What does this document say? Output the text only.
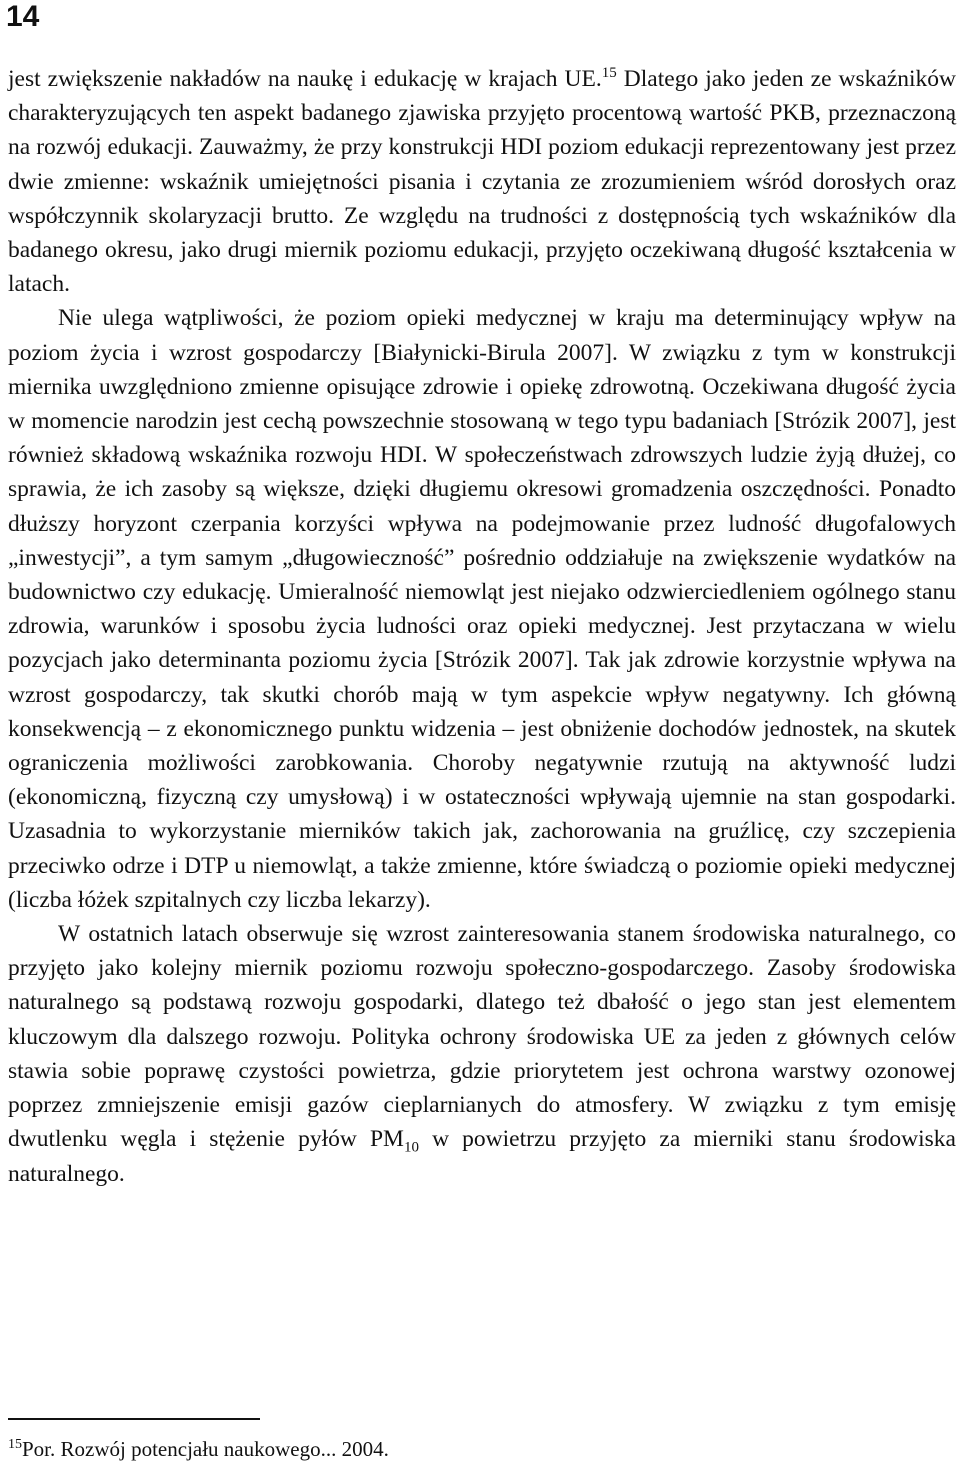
14

jest zwiększenie nakładów na naukę i edukację w krajach UE.$^{15}$ Dlatego jako jeden ze wskaźników charakteryzujących ten aspekt badanego zjawiska przyjęto procentową wartość PKB, przeznaczoną na rozwój edukacji. Zauważmy, że przy konstrukcji HDI poziom edukacji reprezentowany jest przez dwie zmienne: wskaźnik umiejętności pisania i czytania ze zrozumieniem wśród dorosłych oraz współczynnik skolaryzacji brutto. Ze względu na trudności z dostępnością tych wskaźników dla badanego okresu, jako drugi miernik poziomu edukacji, przyjęto oczekiwaną długość kształcenia w latach.

Nie ulega wątpliwości, że poziom opieki medycznej w kraju ma determinujący wpływ na poziom życia i wzrost gospodarczy [Białynicki-Birula 2007]. W związku z tym w konstrukcji miernika uwzględniono zmienne opisujące zdrowie i opiekę zdrowotną. Oczekiwana długość życia w momencie narodzin jest cechą powszechnie stosowaną w tego typu badaniach [Strózik 2007], jest również składową wskaźnika rozwoju HDI. W społeczeństwach zdrowszych ludzie żyją dłużej, co sprawia, że ich zasoby są większe, dzięki długiemu okresowi gromadzenia oszczędności. Ponadto dłuższy horyzont czerpania korzyści wpływa na podejmowanie przez ludność długofalowych „inwestycji”, a tym samym „długowieczność” pośrednio oddziałuje na zwiększenie wydatków na budownictwo czy edukację. Umieralność niemowląt jest niejako odzwierciedleniem ogólnego stanu zdrowia, warunków i sposobu życia ludności oraz opieki medycznej. Jest przytaczana w wielu pozycjach jako determinanta poziomu życia [Strózik 2007]. Tak jak zdrowie korzystnie wpływa na wzrost gospodarczy, tak skutki chorób mają w tym aspekcie wpływ negatywny. Ich główną konsekwencją – z ekonomicznego punktu widzenia – jest obniżenie dochodów jednostek, na skutek ograniczenia możliwości zarobkowania. Choroby negatywnie rzutują na aktywność ludzi (ekonomiczną, fizyczną czy umysłową) i w ostateczności wpływają ujemnie na stan gospodarki. Uzasadnia to wykorzystanie mierników takich jak, zachorowania na gruźlicę, czy szczepienia przeciwko odrze i DTP u niemowląt, a także zmienne, które świadczą o poziomie opieki medycznej (liczba łóżek szpitalnych czy liczba lekarzy).

W ostatnich latach obserwuje się wzrost zainteresowania stanem środowiska naturalnego, co przyjęto jako kolejny miernik poziomu rozwoju społeczno-gospodarczego. Zasoby środowiska naturalnego są podstawą rozwoju gospodarki, dlatego też dbałość o jego stan jest elementem kluczowym dla dalszego rozwoju. Polityka ochrony środowiska UE za jeden z głównych celów stawia sobie poprawę czystości powietrza, gdzie priorytetem jest ochrona warstwy ozonowej poprzez zmniejszenie emisji gazów cieplarnianych do atmosfery. W związku z tym emisję dwutlenku węgla i stężenie pyłów $PM_{10}$ w powietrzu przyjęto za mierniki stanu środowiska naturalnego.

$^{15}$Por. Rozwój potencjału naukowego... 2004.
